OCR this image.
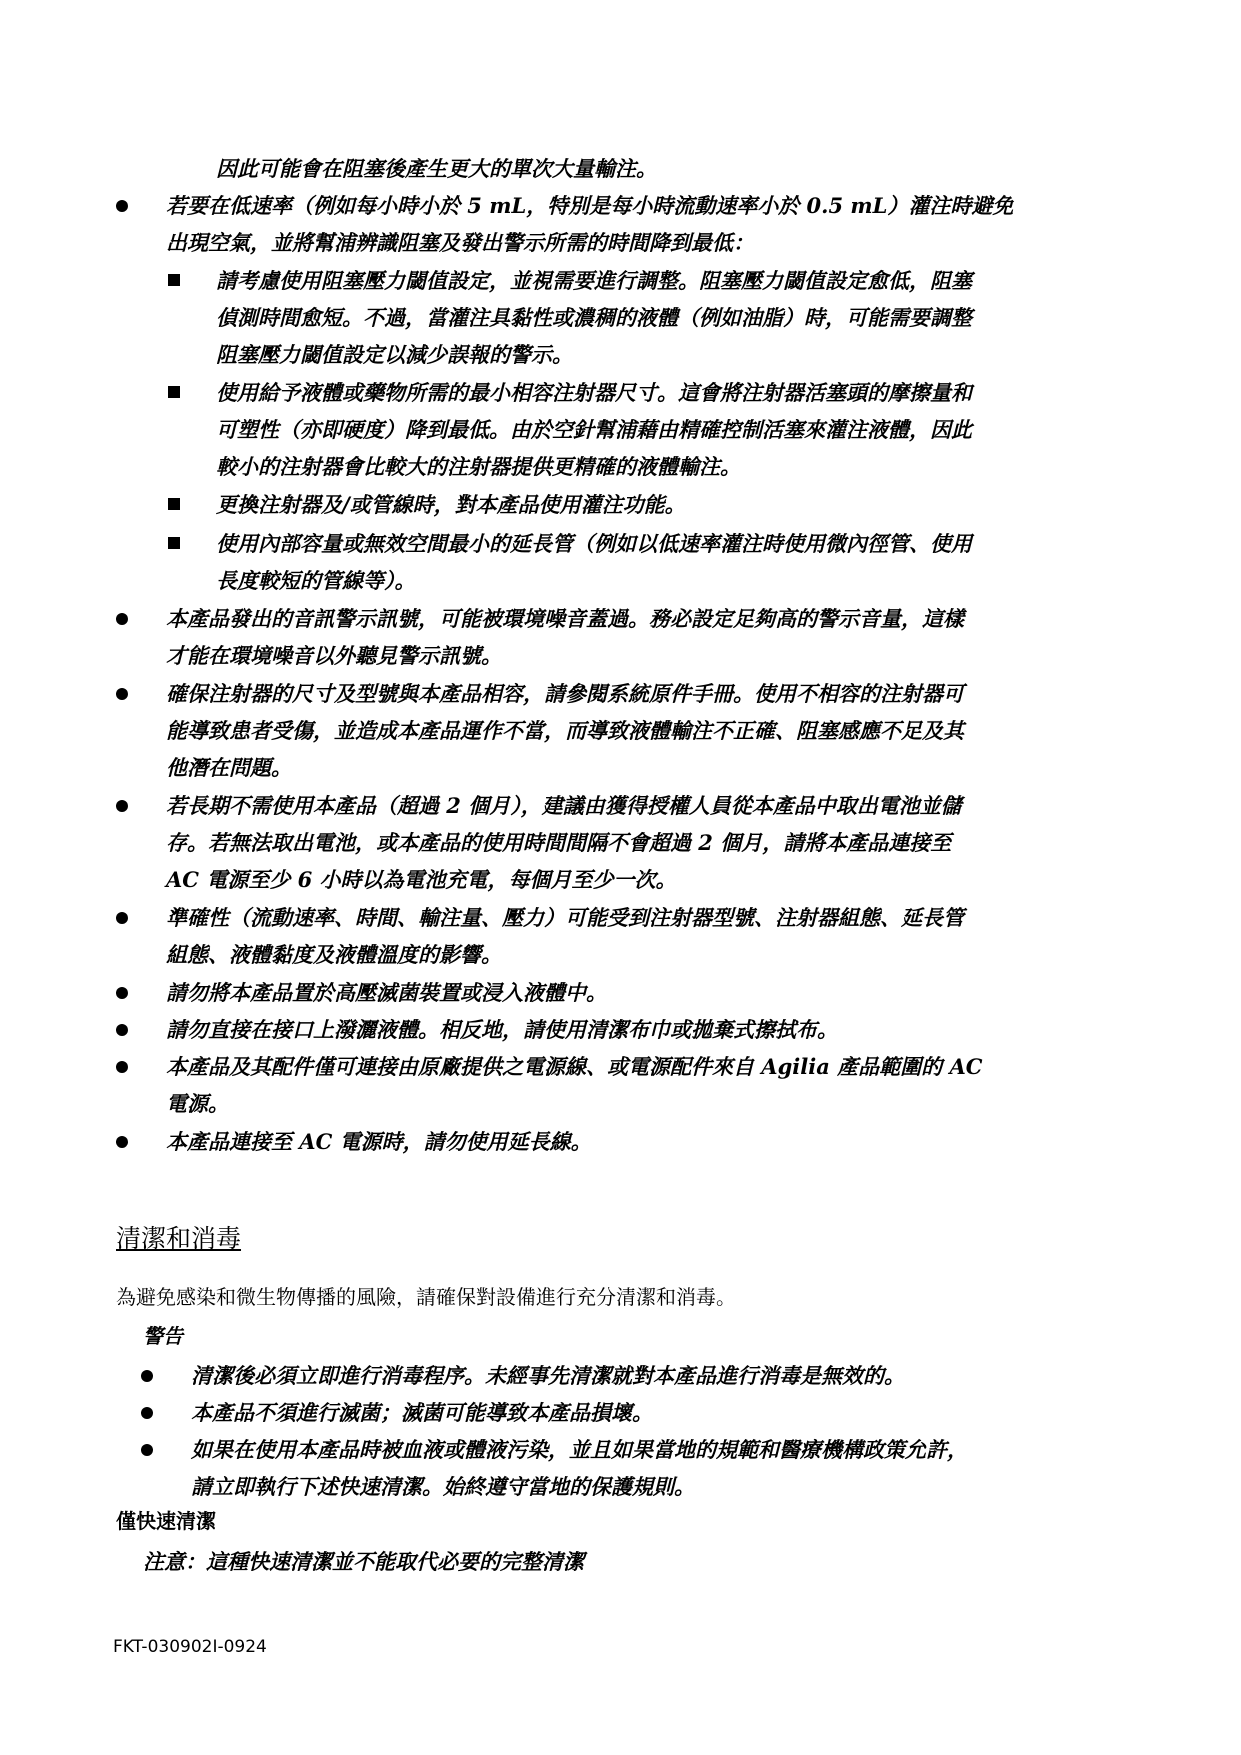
因此可能會在阻塞後產生更大的單次大量輸注。
若要在低速率（例如每小時小於 5 mL，特別是每小時流動速率小於 0.5 mL）灌注時避免
出現空氣，並將幫浦辨識阻塞及發出警示所需的時間降到最低：
請考慮使用阻塞壓力閾值設定，並視需要進行調整。阻塞壓力閾值設定愈低，阻塞
偵測時間愈短。不過，當灌注具黏性或濃稠的液體（例如油脂）時，可能需要調整
阻塞壓力閾值設定以減少誤報的警示。
使用給予液體或藥物所需的最小相容注射器尺寸。這會將注射器活塞頭的摩擦量和
可塑性（亦即硬度）降到最低。由於空針幫浦藉由精確控制活塞來灌注液體，因此
較小的注射器會比較大的注射器提供更精確的液體輸注。
更換注射器及/或管線時，對本產品使用灌注功能。
使用內部容量或無效空間最小的延長管（例如以低速率灌注時使用微內徑管、使用
長度較短的管線等）。
本產品發出的音訊警示訊號，可能被環境噪音蓋過。務必設定足夠高的警示音量，這樣
才能在環境噪音以外聽見警示訊號。
確保注射器的尺寸及型號與本產品相容，請參閱系統原件手冊。使用不相容的注射器可
能導致患者受傷，並造成本產品運作不當，而導致液體輸注不正確、阻塞感應不足及其
他潛在問題。
若長期不需使用本產品（超過 2 個月），建議由獲得授權人員從本產品中取出電池並儲
存。若無法取出電池，或本產品的使用時間間隔不會超過 2 個月，請將本產品連接至
AC 電源至少 6 小時以為電池充電，每個月至少一次。
準確性（流動速率、時間、輸注量、壓力）可能受到注射器型號、注射器組態、延長管
組態、液體黏度及液體溫度的影響。
請勿將本產品置於高壓滅菌裝置或浸入液體中。
請勿直接在接口上潑灑液體。相反地，請使用清潔布巾或拋棄式擦拭布。
本產品及其配件僅可連接由原廠提供之電源線、或電源配件來自 Agilia 產品範圍的 AC
電源。
本產品連接至 AC 電源時，請勿使用延長線。
清潔和消毒
為避免感染和微生物傳播的風險，請確保對設備進行充分清潔和消毒。
警告
清潔後必須立即進行消毒程序。未經事先清潔就對本產品進行消毒是無效的。
本產品不須進行滅菌；滅菌可能導致本產品損壞。
如果在使用本產品時被血液或體液污染，並且如果當地的規範和醫療機構政策允許，
請立即執行下述快速清潔。始終遵守當地的保護規則。
僅快速清潔
注意：這種快速清潔並不能取代必要的完整清潔
FKT-030902I-0924
